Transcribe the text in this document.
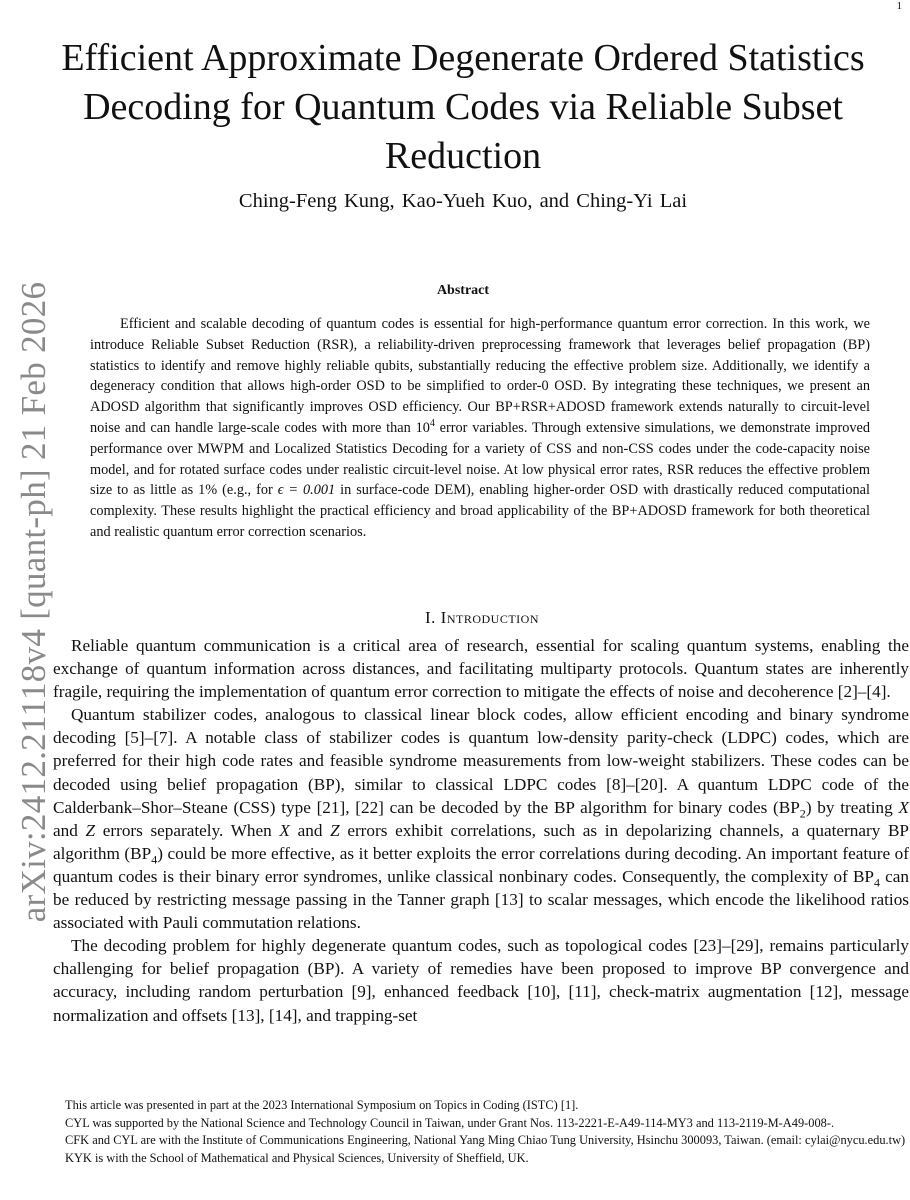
1
arXiv:2412.21118v4 [quant-ph] 21 Feb 2026
Efficient Approximate Degenerate Ordered Statistics Decoding for Quantum Codes via Reliable Subset Reduction
Ching-Feng Kung, Kao-Yueh Kuo, and Ching-Yi Lai
Abstract

Efficient and scalable decoding of quantum codes is essential for high-performance quantum error correction. In this work, we introduce Reliable Subset Reduction (RSR), a reliability-driven preprocessing framework that leverages belief propagation (BP) statistics to identify and remove highly reliable qubits, substantially reducing the effective problem size. Additionally, we identify a degeneracy condition that allows high-order OSD to be simplified to order-0 OSD. By integrating these techniques, we present an ADOSD algorithm that significantly improves OSD efficiency. Our BP+RSR+ADOSD framework extends naturally to circuit-level noise and can handle large-scale codes with more than $10^4$ error variables. Through extensive simulations, we demonstrate improved performance over MWPM and Localized Statistics Decoding for a variety of CSS and non-CSS codes under the code-capacity noise model, and for rotated surface codes under realistic circuit-level noise. At low physical error rates, RSR reduces the effective problem size to as little as 1% (e.g., for ϵ = 0.001 in surface-code DEM), enabling higher-order OSD with drastically reduced computational complexity. These results highlight the practical efficiency and broad applicability of the BP+ADOSD framework for both theoretical and realistic quantum error correction scenarios.

I. Introduction

Reliable quantum communication is a critical area of research, essential for scaling quantum systems, enabling the exchange of quantum information across distances, and facilitating multiparty protocols. Quantum states are inherently fragile, requiring the implementation of quantum error correction to mitigate the effects of noise and decoherence [2]–[4].

Quantum stabilizer codes, analogous to classical linear block codes, allow efficient encoding and binary syndrome decoding [5]–[7]. A notable class of stabilizer codes is quantum low-density parity-check (LDPC) codes, which are preferred for their high code rates and feasible syndrome measurements from low-weight stabilizers. These codes can be decoded using belief propagation (BP), similar to classical LDPC codes [8]–[20]. A quantum LDPC code of the Calderbank–Shor–Steane (CSS) type [21], [22] can be decoded by the BP algorithm for binary codes $(BP_2)$ by treating X and Z errors separately. When X and Z errors exhibit correlations, such as in depolarizing channels, a quaternary BP algorithm $(BP_4)$ could be more effective, as it better exploits the error correlations during decoding. An important feature of quantum codes is their binary error syndromes, unlike classical nonbinary codes. Consequently, the complexity of $BP_4$ can be reduced by restricting message passing in the Tanner graph [13] to scalar messages, which encode the likelihood ratios associated with Pauli commutation relations.

The decoding problem for highly degenerate quantum codes, such as topological codes [23]–[29], remains particularly challenging for belief propagation (BP). A variety of remedies have been proposed to improve BP convergence and accuracy, including random perturbation [9], enhanced feedback [10], [11], check-matrix augmentation [12], message normalization and offsets [13], [14], and trapping-set

This article was presented in part at the 2023 International Symposium on Topics in Coding (ISTC) [1].

CYL was supported by the National Science and Technology Council in Taiwan, under Grant Nos. 113-2221-E-A49-114-MY3 and 113-2119-M-A49-008-.

CFK and CYL are with the Institute of Communications Engineering, National Yang Ming Chiao Tung University, Hsinchu 300093, Taiwan. (email: cylai@nycu.edu.tw)

KYK is with the School of Mathematical and Physical Sciences, University of Sheffield, UK.
